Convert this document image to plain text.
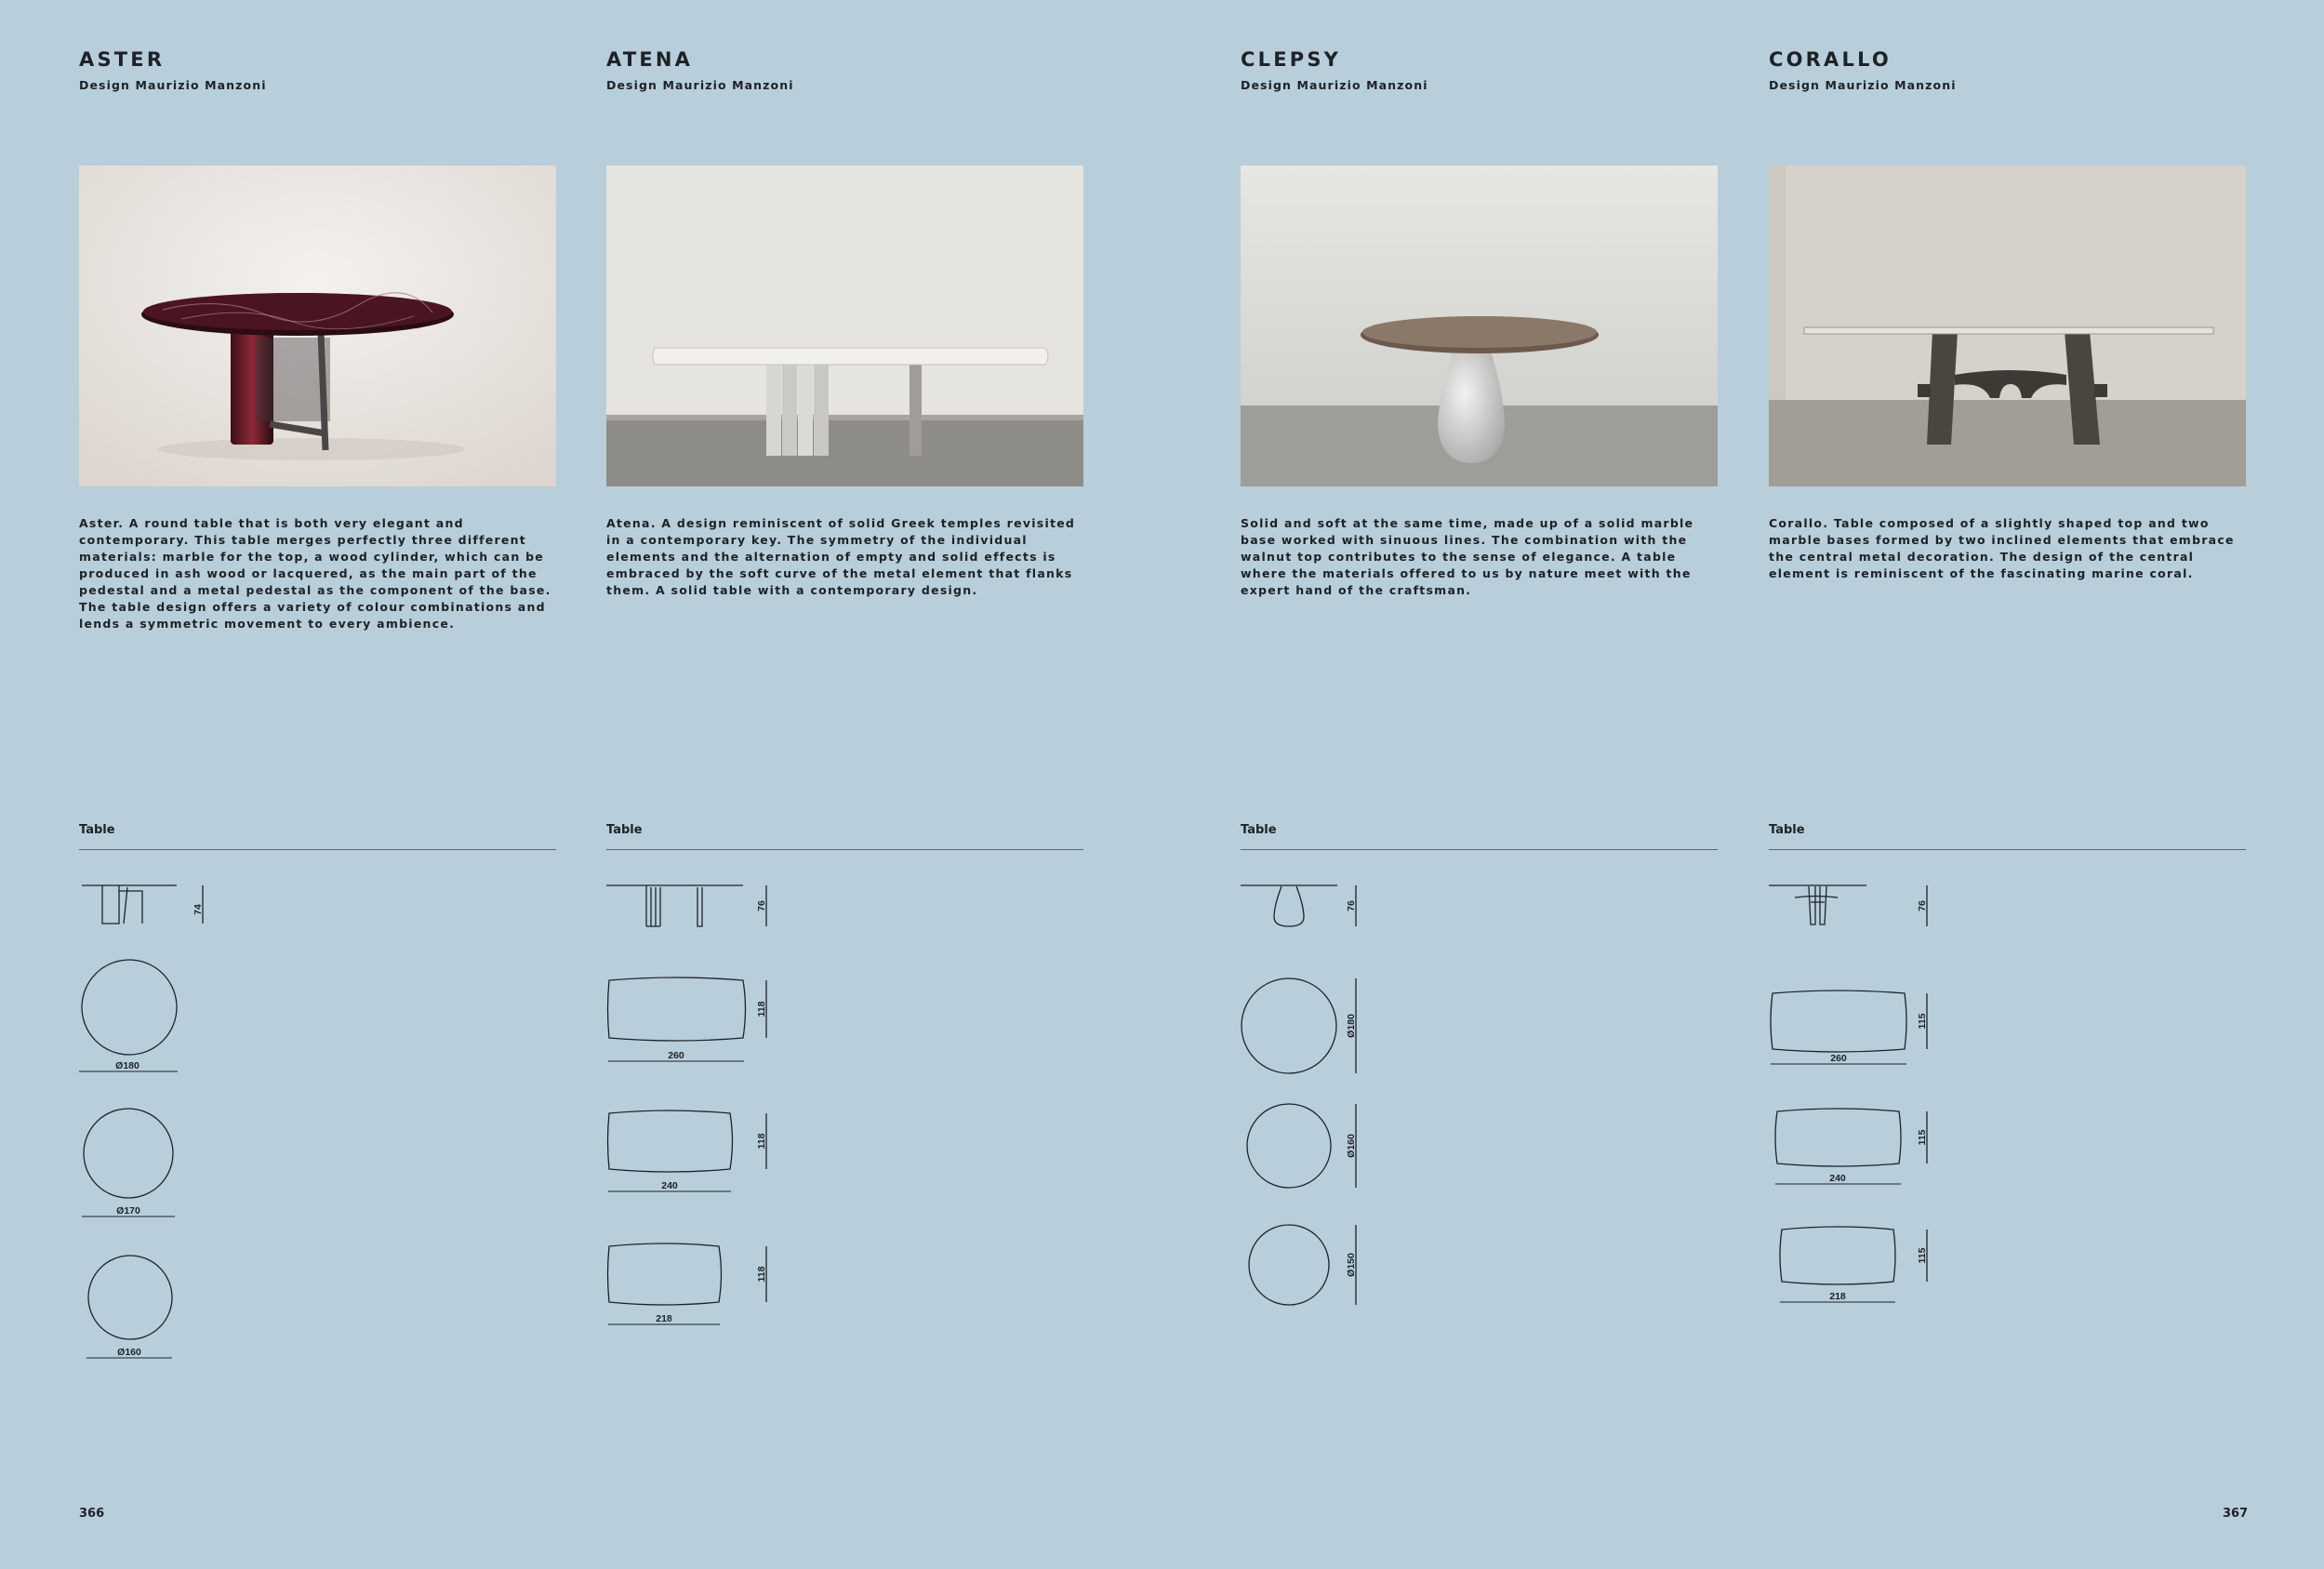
ASTER
Design Maurizio Manzoni

Aster. A round table that is both very elegant and contemporary. This table merges perfectly three different materials: marble for the top, a wood cylinder, which can be produced in ash wood or lacquered, as the main part of the pedestal and a metal pedestal as the component of the base. The table design offers a variety of colour combinations and lends a symmetric movement to every ambience.

Table
74
Ø180
Ø170
Ø160
ATENA
Design Maurizio Manzoni

Atena. A design reminiscent of solid Greek temples revisited in a contemporary key. The symmetry of the individual elements and the alternation of empty and solid effects is embraced by the soft curve of the metal element that flanks them. A solid table with a contemporary design.

Table
76
118
260
118
240
118
218
CLEPSY
Design Maurizio Manzoni

Solid and soft at the same time, made up of a solid marble base worked with sinuous lines. The combination with the walnut top contributes to the sense of elegance. A table where the materials offered to us by nature meet with the expert hand of the craftsman.

Table
76
Ø180
Ø160
Ø150
CORALLO
Design Maurizio Manzoni

Corallo. Table composed of a slightly shaped top and two marble bases formed by two inclined elements that embrace the central metal decoration. The design of the central element is reminiscent of the fascinating marine coral.

Table
76
115
260
115
240
115
218
366	367
